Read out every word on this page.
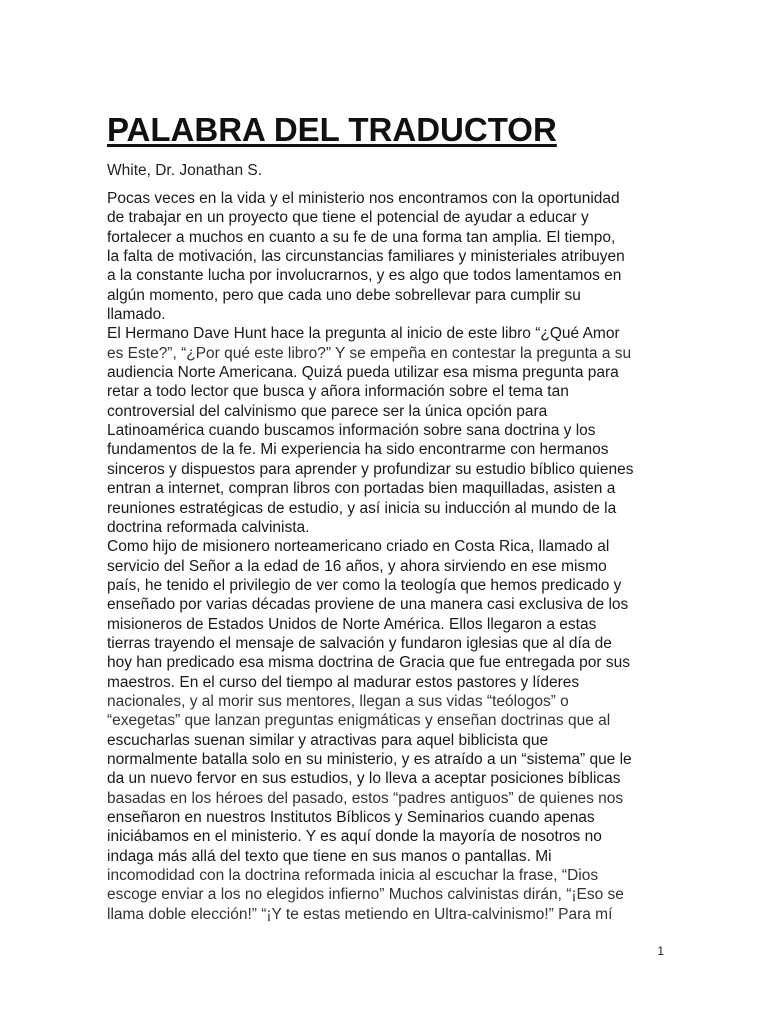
PALABRA DEL TRADUCTOR
White, Dr. Jonathan S.
Pocas veces en la vida y el ministerio nos encontramos con la oportunidad
de trabajar en un proyecto que tiene el potencial de ayudar a educar y
fortalecer a muchos en cuanto a su fe de una forma tan amplia. El tiempo,
la falta de motivación, las circunstancias familiares y ministeriales atribuyen
a la constante lucha por involucrarnos, y es algo que todos lamentamos en
algún momento, pero que cada uno debe sobrellevar para cumplir su
llamado.
El Hermano Dave Hunt hace la pregunta al inicio de este libro “¿Qué Amor
es Este?”, “¿Por qué este libro?” Y se empeña en contestar la pregunta a su
audiencia Norte Americana. Quizá pueda utilizar esa misma pregunta para
retar a todo lector que busca y añora información sobre el tema tan
controversial del calvinismo que parece ser la única opción para
Latinoamérica cuando buscamos información sobre sana doctrina y los
fundamentos de la fe. Mi experiencia ha sido encontrarme con hermanos
sinceros y dispuestos para aprender y profundizar su estudio bíblico quienes
entran a internet, compran libros con portadas bien maquilladas, asisten a
reuniones estratégicas de estudio, y así inicia su inducción al mundo de la
doctrina reformada calvinista.
Como hijo de misionero norteamericano criado en Costa Rica, llamado al
servicio del Señor a la edad de 16 años, y ahora sirviendo en ese mismo
país, he tenido el privilegio de ver como la teología que hemos predicado y
enseñado por varias décadas proviene de una manera casi exclusiva de los
misioneros de Estados Unidos de Norte América. Ellos llegaron a estas
tierras trayendo el mensaje de salvación y fundaron iglesias que al día de
hoy han predicado esa misma doctrina de Gracia que fue entregada por sus
maestros. En el curso del tiempo al madurar estos pastores y líderes
nacionales, y al morir sus mentores, llegan a sus vidas “teólogos” o
“exegetas” que lanzan preguntas enigmáticas y enseñan doctrinas que al
escucharlas suenan similar y atractivas para aquel biblicista que
normalmente batalla solo en su ministerio, y es atraído a un “sistema” que le
da un nuevo fervor en sus estudios, y lo lleva a aceptar posiciones bíblicas
basadas en los héroes del pasado, estos “padres antiguos” de quienes nos
enseñaron en nuestros Institutos Bíblicos y Seminarios cuando apenas
iniciábamos en el ministerio. Y es aquí donde la mayoría de nosotros no
indaga más allá del texto que tiene en sus manos o pantallas. Mi
incomodidad con la doctrina reformada inicia al escuchar la frase, “Dios
escoge enviar a los no elegidos infierno” Muchos calvinistas dirán, “¡Eso se
llama doble elección!” “¡Y te estas metiendo en Ultra-calvinismo!” Para mí
1
